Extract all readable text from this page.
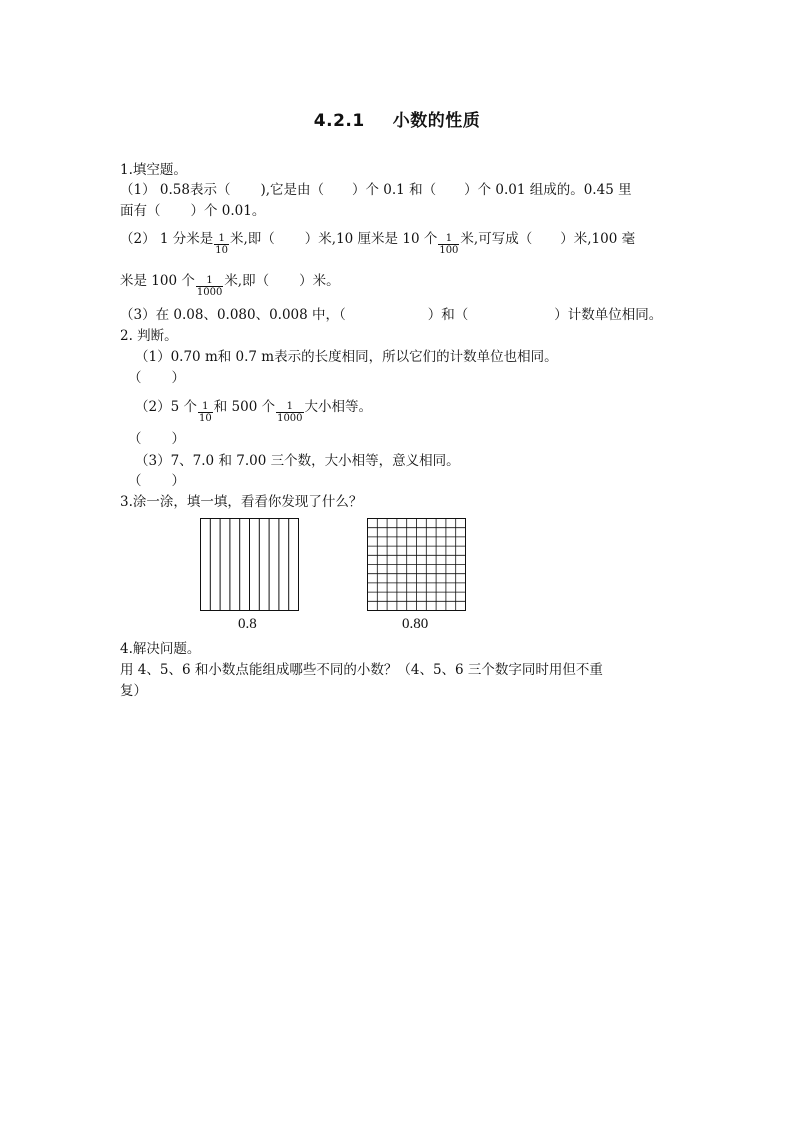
4.2.1 小数的性质
1.填空题。
（1） 0.58表示（ ),它是由（ ）个 0.1 和（ ）个 0.01 组成的。0.45 里
面有（ ）个 0.01。
（2） 1 分米是 $\frac{1}{10}$ 米,即（ ）米,10 厘米是 10 个 $\frac{1}{100}$ 米,可写成（ ）米,100 毫
米是 100 个 $\frac{1}{1000}$ 米,即（ ）米。
（3）在 0.08、0.080、0.008 中，（	）和（	）计数单位相同。
2. 判断。
（1）0.70 m和 0.7 m表示的长度相同，所以它们的计数单位也相同。
（ ）
（2）5 个 $\frac{1}{10}$ 和 500 个 $\frac{1}{1000}$ 大小相等。
（ ）
（3）7、7.0 和 7.00 三个数，大小相等，意义相同。
（ ）
3.涂一涂，填一填，看看你发现了什么？
0.8	0.80
4.解决问题。
用 4、5、6 和小数点能组成哪些不同的小数？（4、5、6 三个数字同时用但不重
复）
